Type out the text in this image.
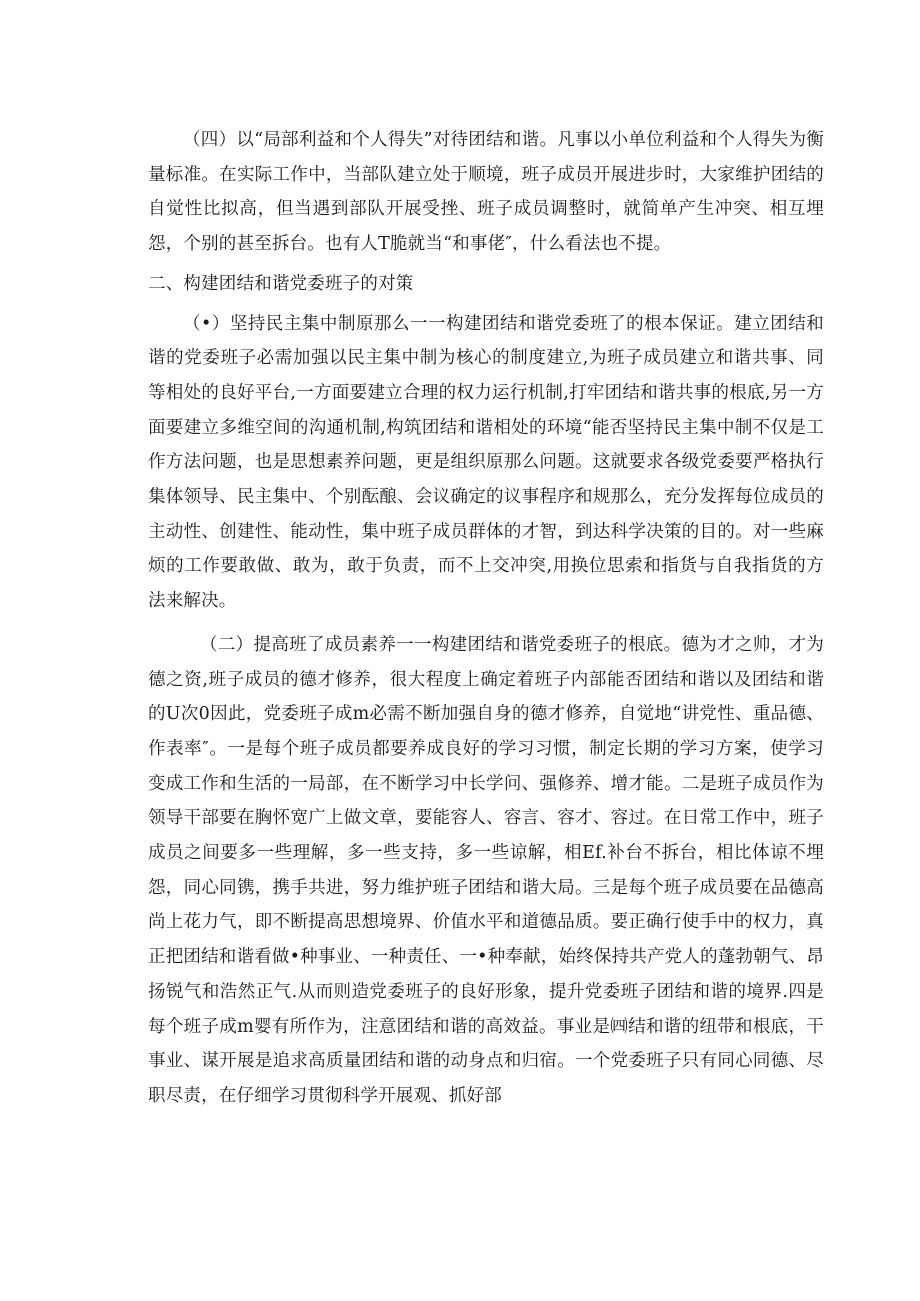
（四）以“局部利益和个人得失”对待团结和谐。凡事以小单位利益和个人得失为衡量标准。在实际工作中，当部队建立处于顺境，班子成员开展进步时，大家维护团结的自觉性比拟高，但当遇到部队开展受挫、班子成员调整时，就简单产生冲突、相互埋怨，个别的甚至拆台。也有人T脆就当“和事佬″，什么看法也不提。

二、构建团结和谐党委班子的对策

（•）坚持民主集中制原那么一一构建团结和谐党委班了的根本保证。建立团结和谐的党委班子必需加强以民主集中制为核心的制度建立,为班子成员建立和谐共事、同等相处的良好平台,一方面要建立合理的权力运行机制,打牢团结和谐共事的根底,另一方面要建立多维空间的沟通机制,构筑团结和谐相处的环境“能否坚持民主集中制不仅是工作方法问题，也是思想素养问题，更是组织原那么问题。这就要求各级党委要严格执行集体领导、民主集中、个别酝酿、会议确定的议事程序和规那么，充分发挥每位成员的主动性、创建性、能动性，集中班子成员群体的才智，到达科学决策的目的。对一些麻烦的工作要敢做、敢为，敢于负责，而不上交冲突,用换位思索和指货与自我指货的方法来解决。

（二）提高班了成员素养一一构建团结和谐党委班子的根底。德为才之帅，才为德之资,班子成员的德才修养，很大程度上确定着班子内部能否团结和谐以及团结和谐的U次0因此，党委班子成m必需不断加强自身的德才修养，自觉地“讲党性、重品德、作表率″。一是每个班子成员都要养成良好的学习习惯，制定长期的学习方案，使学习变成工作和生活的一局部，在不断学习中长学问、强修养、增才能。二是班子成员作为领导干部要在胸怀宽广上做文章，要能容人、容言、容才、容过。在日常工作中，班子成员之间要多一些理解，多一些支持，多一些谅解，相Ef.补台不拆台，相比体谅不埋怨，同心同镌，携手共进，努力维护班子团结和谐大局。三是每个班子成员要在品德高尚上花力气，即不断提高思想境界、价值水平和道德品质。要正确行使手中的权力，真正把团结和谐看做•种事业、一种责任、一•种奉献，始终保持共产党人的蓬勃朝气、昂扬锐气和浩然正气.从而则造党委班子的良好形象，提升党委班子团结和谐的境界.四是每个班子成m婴有所作为，注意团结和谐的高效益。事业是㈣结和谐的纽带和根底，干事业、谋开展是追求高质量团结和谐的动身点和归宿。一个党委班子只有同心同德、尽职尽责，在仔细学习贯彻科学开展观、抓好部
